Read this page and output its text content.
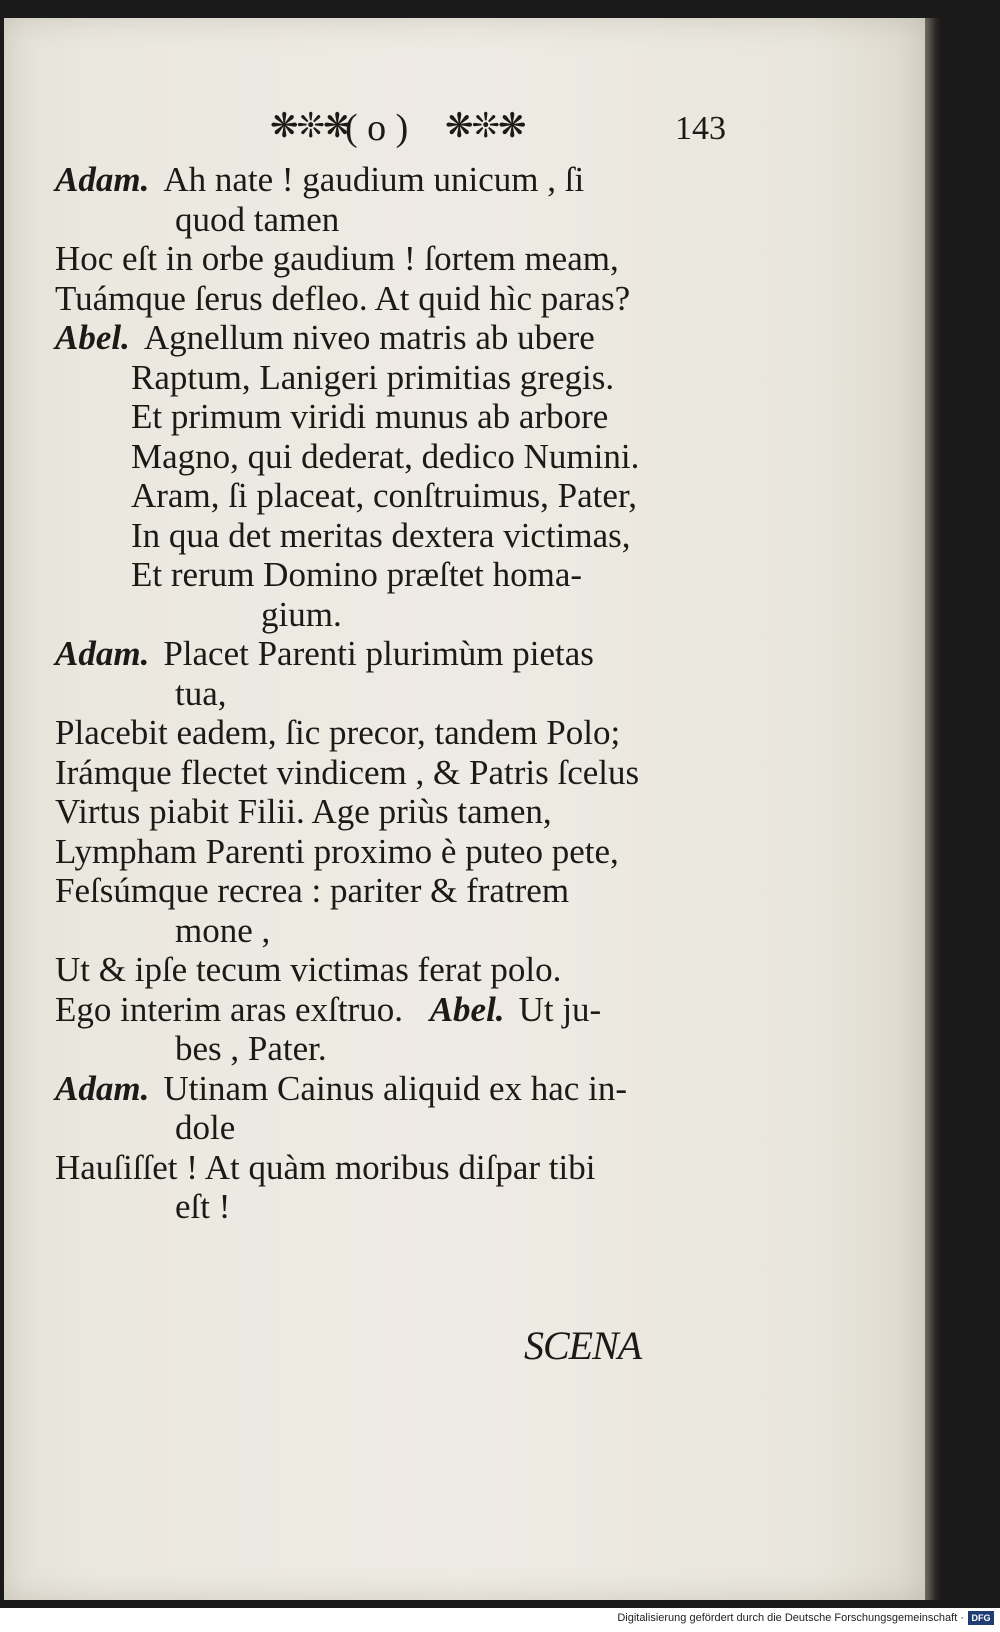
❋❊❋
( o ) ❋❊❋	143
Adam. Ah nate ! gaudium unicum , ſi
quod tamen
Hoc eſt in orbe gaudium ! ſortem meam,
Tuámque ſerus defleo. At quid hìc paras?
Abel. Agnellum niveo matris ab ubere
Raptum, Lanigeri primitias gregis.
Et primum viridi munus ab arbore
Magno, qui dederat, dedico Numini.
Aram, ſi placeat, conſtruimus, Pater,
In qua det meritas dextera victimas,
Et rerum Domino præſtet homa-
gium.
Adam. Placet Parenti plurimùm pietas
tua,
Placebit eadem, ſic precor, tandem Polo;
Irámque flectet vindicem , & Patris ſcelus
Virtus piabit Filii. Age priùs tamen,
Lympham Parenti proximo è puteo pete,
Feſsúmque recrea : pariter & fratrem
mone ,
Ut & ipſe tecum victimas ferat polo.
Ego interim aras exſtruo. Abel. Ut ju-
bes , Pater.
Adam. Utinam Cainus aliquid ex hac in-
dole
Hauſiſſet ! At quàm moribus diſpar tibi
eſt !
SCENA
Digitalisierung gefördert durch die Deutsche Forschungsgemeinschaft · DFG
